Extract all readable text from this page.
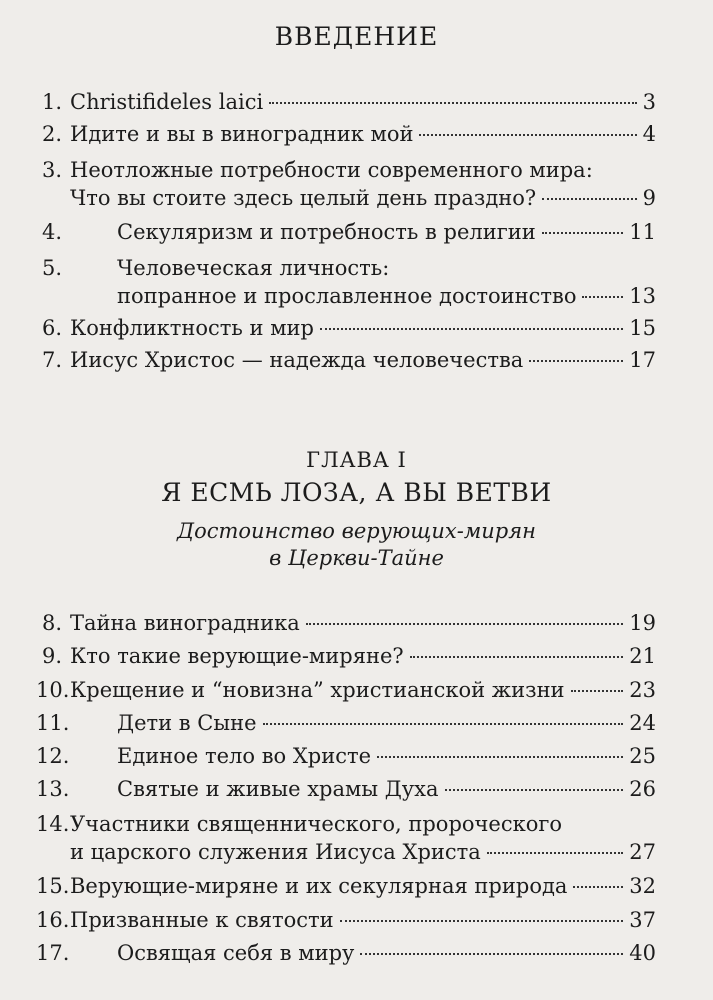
ВВЕДЕНИЕ
1. Christifideles laici	3
2. Идите и вы в виноградник мой	4
3. Неотложные потребности современного мира:
Что вы стоите здесь целый день праздно?	9
4.	Секуляризм и потребность в религии	11
5.	Человеческая личность:
попранное и прославленное достоинство	13
6. Конфликтность и мир	15
7. Иисус Христос — надежда человечества	17
ГЛАВА I
Я ЕСМЬ ЛОЗА, А ВЫ ВЕТВИ

Достоинство верующих-мирян
в Церкви-Тайне

8. Тайна виноградника	19
9. Кто такие верующие-миряне?	21
10. Крещение и “новизна” христианской жизни	23
11. Дети в Сыне	24
12. Единое тело во Христе	25
13. Святые и живые храмы Духа	26
14. Участники священнического, пророческого
и царского служения Иисуса Христа	27
15. Верующие-миряне и их секулярная природа	32
16. Призванные к святости	37
17. Освящая себя в миру	40
